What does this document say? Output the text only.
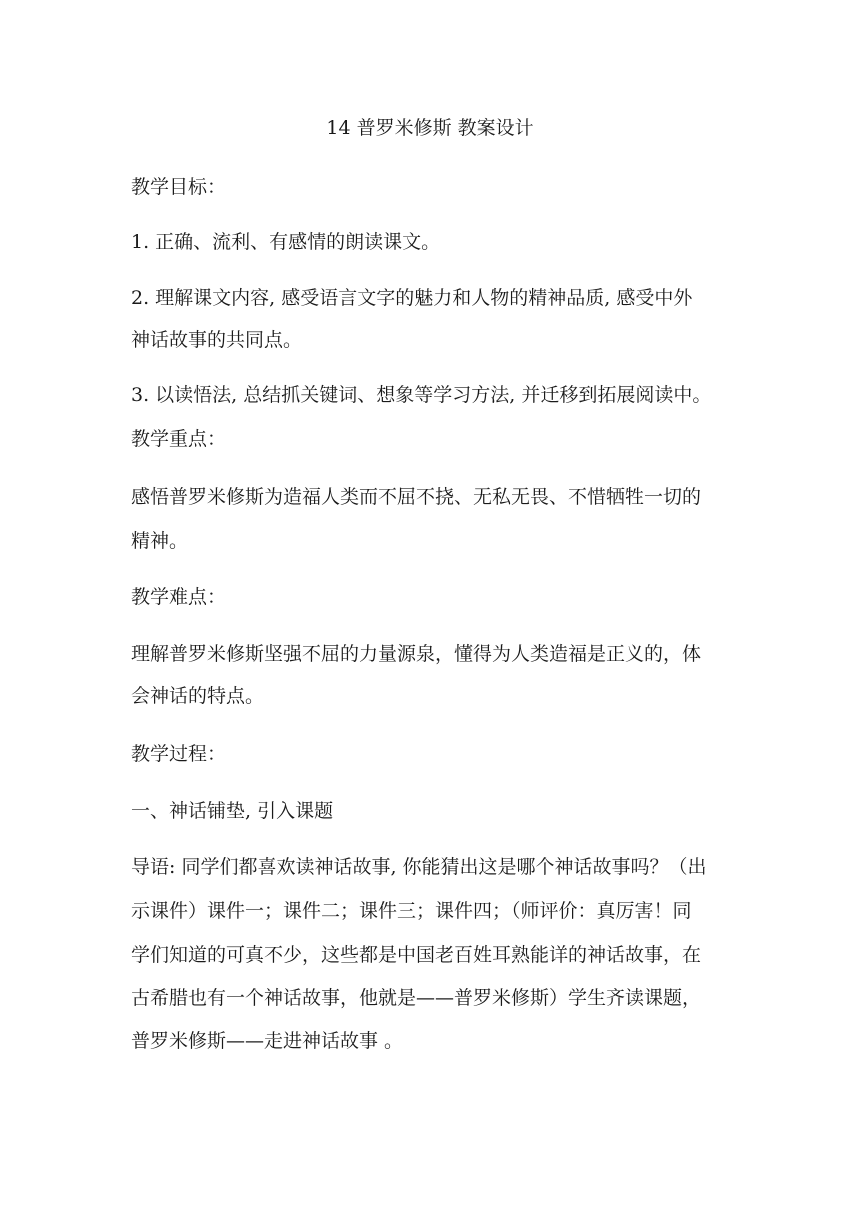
14 普罗米修斯 教案设计
教学目标：
1. 正确、流利、有感情的朗读课文。
2. 理解课文内容, 感受语言文字的魅力和人物的精神品质, 感受中外
神话故事的共同点。
3. 以读悟法, 总结抓关键词、想象等学习方法, 并迁移到拓展阅读中。
教学重点：
感悟普罗米修斯为造福人类而不屈不挠、无私无畏、不惜牺牲一切的
精神。
教学难点：
理解普罗米修斯坚强不屈的力量源泉，懂得为人类造福是正义的，体
会神话的特点。
教学过程：
一、神话铺垫, 引入课题
导语: 同学们都喜欢读神话故事, 你能猜出这是哪个神话故事吗？（出
示课件）课件一；课件二；课件三；课件四；（师评价：真厉害！同
学们知道的可真不少，这些都是中国老百姓耳熟能详的神话故事，在
古希腊也有一个神话故事，他就是——普罗米修斯）学生齐读课题，
普罗米修斯——走进神话故事 。
